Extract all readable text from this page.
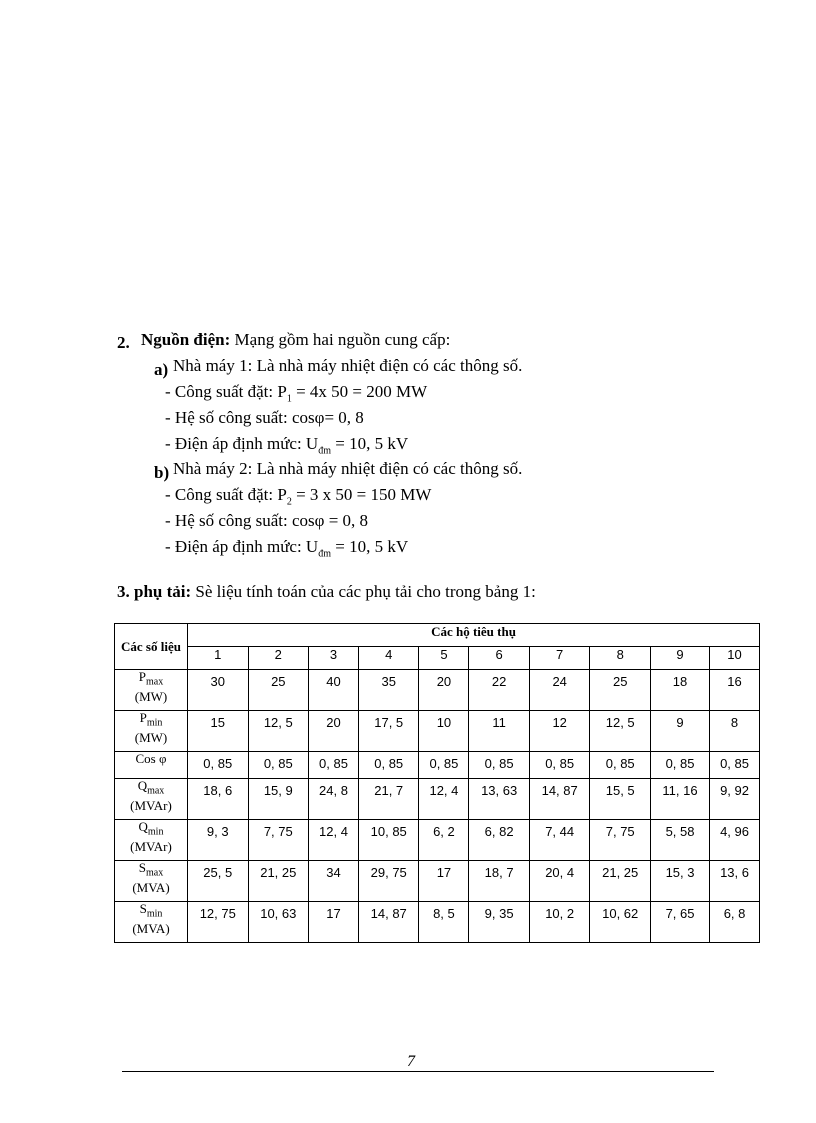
2. Nguồn điện: Mạng gồm hai nguồn cung cấp:
a) Nhà máy 1: Là nhà máy nhiệt điện có các thông số.
- Công suất đặt: $P_1 = 4x$ 50 = 200 MW
- Hệ số công suất: cosφ= 0, 8
- Điện áp định mức: $U_{đm} = 10$, 5 kV
b) Nhà máy 2: Là nhà máy nhiệt điện có các thông số.
- Công suất đặt: $P_2 = 3$ x 50 = 150 MW
- Hệ số công suất: cosφ = 0, 8
- Điện áp định mức: $U_{đm} = 10$, 5 kV
3. phụ tải: Sè liệu tính toán của các phụ tải cho trong bảng 1:
Các số liệu	Các hộ tiêu thụ									
	1	2	3	4	5	6	7	8	9	10
$P_{max}$
(MW)	30	25	40	35	20	22	24	25	18	16
$P_{min}$
(MW)	15	12, 5	20	17, 5	10	11	12	12, 5	9	8
Cos φ	0, 85	0, 85	0, 85	0, 85	0, 85	0, 85	0, 85	0, 85	0, 85	0, 85
$Q_{max}$
(MVAr)	18, 6	15, 9	24, 8	21, 7	12, 4	13, 63	14, 87	15, 5	11, 16	9, 92
$Q_{min}$
(MVAr)	9, 3	7, 75	12, 4	10, 85	6, 2	6, 82	7, 44	7, 75	5, 58	4, 96
$S_{max}$
(MVA)	25, 5	21, 25	34	29, 75	17	18, 7	20, 4	21, 25	15, 3	13, 6
$S_{min}$
(MVA)	12, 75	10, 63	17	14, 87	8, 5	9, 35	10, 2	10, 62	7, 65	6, 8
7
